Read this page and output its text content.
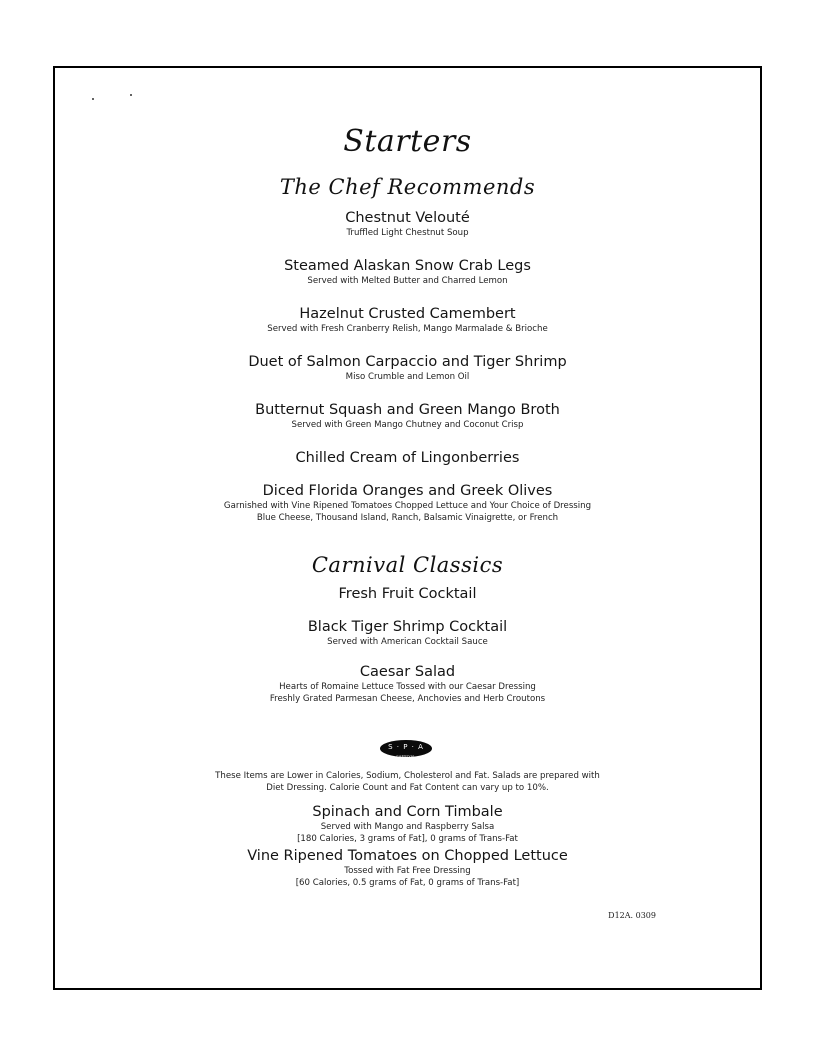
Starters
The Chef Recommends
Chestnut Velouté
Truffled Light Chestnut Soup
Steamed Alaskan Snow Crab Legs
Served with Melted Butter and Charred Lemon
Hazelnut Crusted Camembert
Served with Fresh Cranberry Relish, Mango Marmalade & Brioche
Duet of Salmon Carpaccio and Tiger Shrimp
Miso Crumble and Lemon Oil
Butternut Squash and Green Mango Broth
Served with Green Mango Chutney and Coconut Crisp
Chilled Cream of Lingonberries
Diced Florida Oranges and Greek Olives
Garnished with Vine Ripened Tomatoes Chopped Lettuce and Your Choice of Dressing
Blue Cheese, Thousand Island, Ranch, Balsamic Vinaigrette, or French
Carnival Classics
Fresh Fruit Cocktail
Black Tiger Shrimp Cocktail
Served with American Cocktail Sauce
Caesar Salad
Hearts of Romaine Lettuce Tossed with our Caesar Dressing
Freshly Grated Parmesan Cheese, Anchovies and Herb Croutons
S · P · A
CARNIVAL
These Items are Lower in Calories, Sodium, Cholesterol and Fat. Salads are prepared with
Diet Dressing. Calorie Count and Fat Content can vary up to 10%.
Spinach and Corn Timbale
Served with Mango and Raspberry Salsa
[180 Calories, 3 grams of Fat], 0 grams of Trans-Fat
Vine Ripened Tomatoes on Chopped Lettuce
Tossed with Fat Free Dressing
[60 Calories, 0.5 grams of Fat, 0 grams of Trans-Fat]
D12A. 0309
